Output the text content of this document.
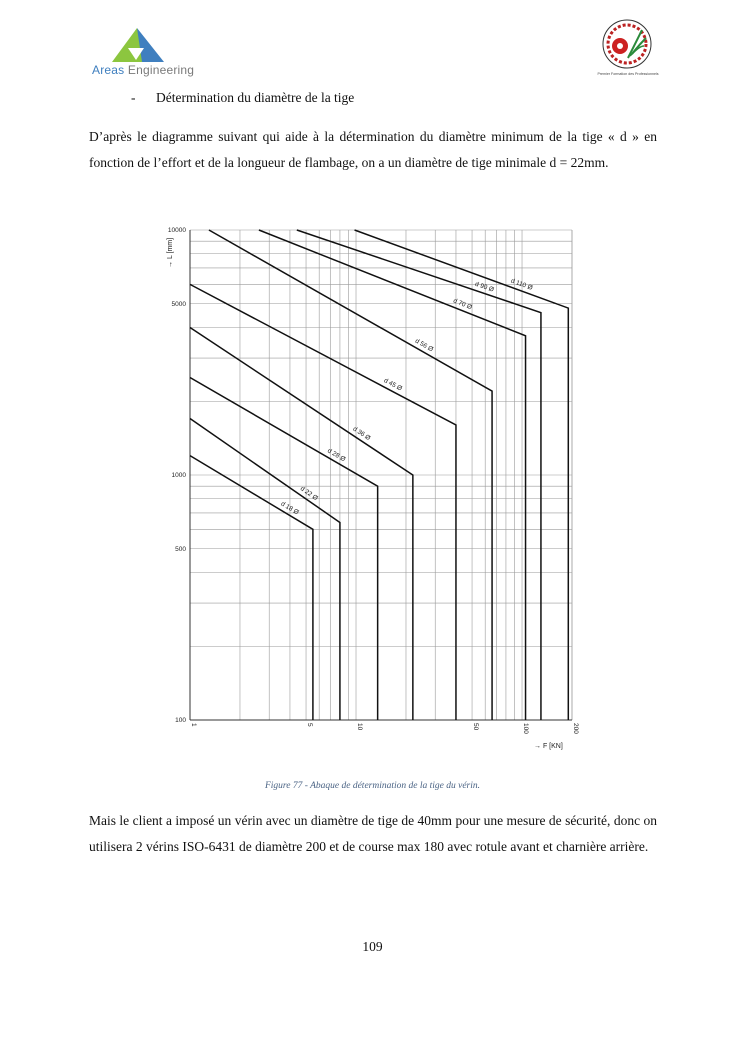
Areas Engineering	Premier Formation des Professionnels
- Détermination du diamètre de la tige

D’après le diagramme suivant qui aide à la détermination du diamètre minimum de la tige « d » en fonction de l’effort et de la longueur de flambage, on a un diamètre de tige minimale d = 22mm.

1	5	10	50	100	200
100
500
1000
5000
10000
→ L [mm]
→ F [KN]
d 18 Ø
d 22 Ø
d 28 Ø
d 36 Ø
d 45 Ø
d 56 Ø
d 70 Ø
d 90 Ø d 110 Ø
Figure 77 - Abaque de détermination de la tige du vérin.

Mais le client a imposé un vérin avec un diamètre de tige de 40mm pour une mesure de sécurité, donc on utilisera 2 vérins ISO-6431 de diamètre 200 et de course max 180 avec rotule avant et charnière arrière.

109
